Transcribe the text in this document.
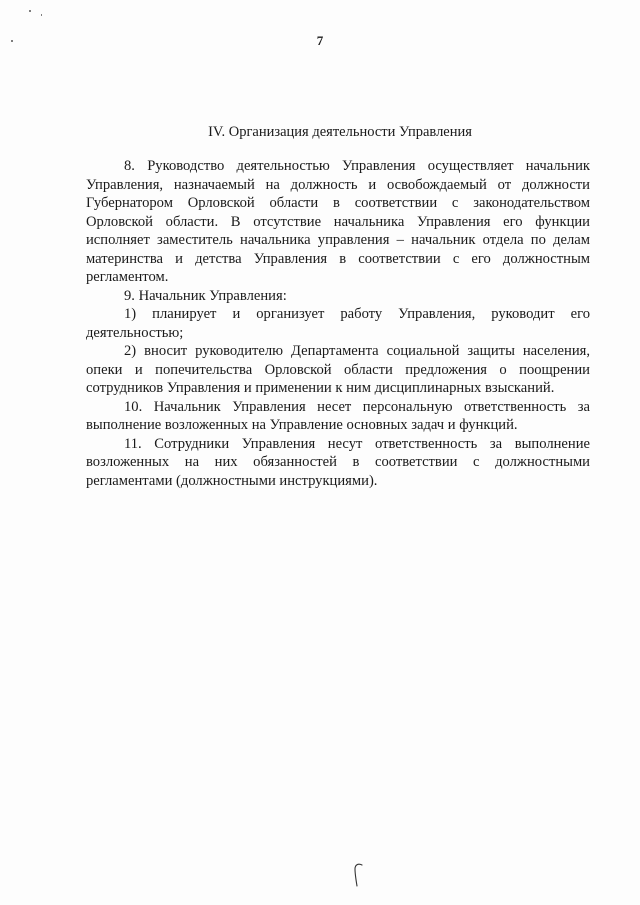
7
IV. Организация деятельности Управления

8. Руководство деятельностью Управления осуществляет начальник Управления, назначаемый на должность и освобождаемый от должности Губернатором Орловской области в соответствии с законодательством Орловской области. В отсутствие начальника Управления его функции исполняет заместитель начальника управления – начальник отдела по делам материнства и детства Управления в соответствии с его должностным регламентом.

9. Начальник Управления:

1) планирует и организует работу Управления, руководит его деятельностью;

2) вносит руководителю Департамента социальной защиты населения, опеки и попечительства Орловской области предложения о поощрении сотрудников Управления и применении к ним дисциплинарных взысканий.

10. Начальник Управления несет персональную ответственность за выполнение возложенных на Управление основных задач и функций.

11. Сотрудники Управления несут ответственность за выполнение возложенных на них обязанностей в соответствии с должностными регламентами (должностными инструкциями).
